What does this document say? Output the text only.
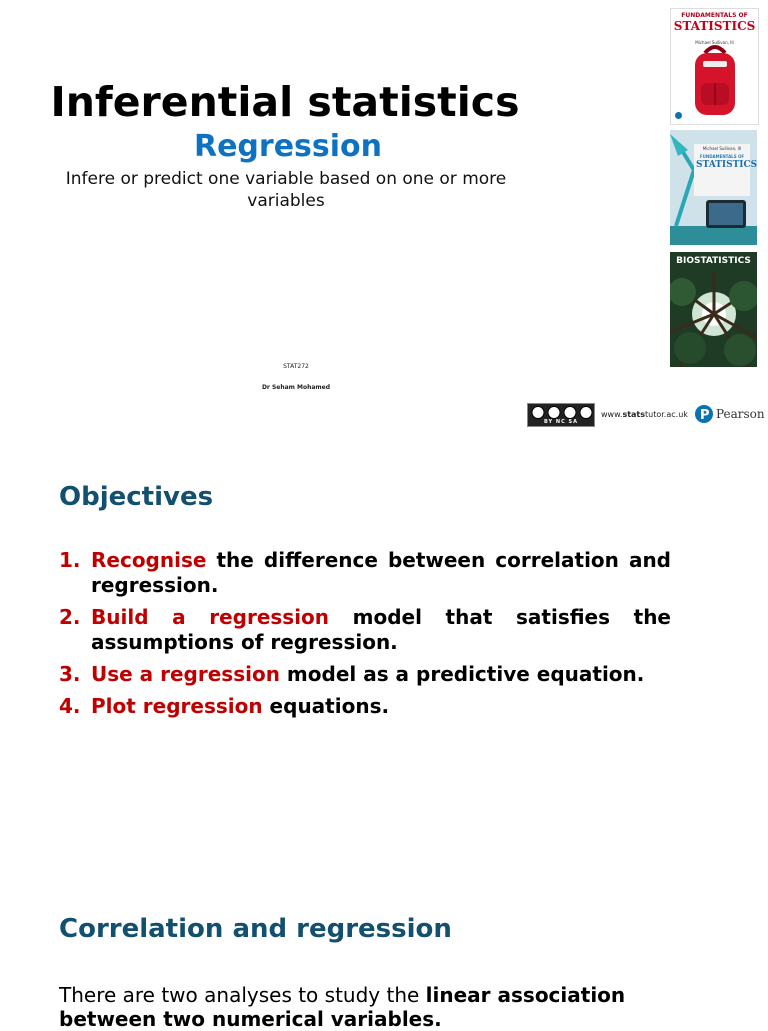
Inferential statistics
Regression
Infere or predict one variable based on one or more variables
STAT272
Dr Seham Mohamed
FUNDAMENTALS OF
STATISTICS
Michael Sullivan, III
Michael Sullivan, III
FUNDAMENTALS OF
STATISTICS
BIOSTATISTICS
BY NC SA
www.statstutor.ac.uk P Pearson
Objectives
1. Recognise the difference between correlation and regression.
2. Build a regression model that satisfies the assumptions of regression.
3. Use a regression model as a predictive equation.
4. Plot regression equations.
Correlation and regression
There are two analyses to study the linear association between two numerical variables.
